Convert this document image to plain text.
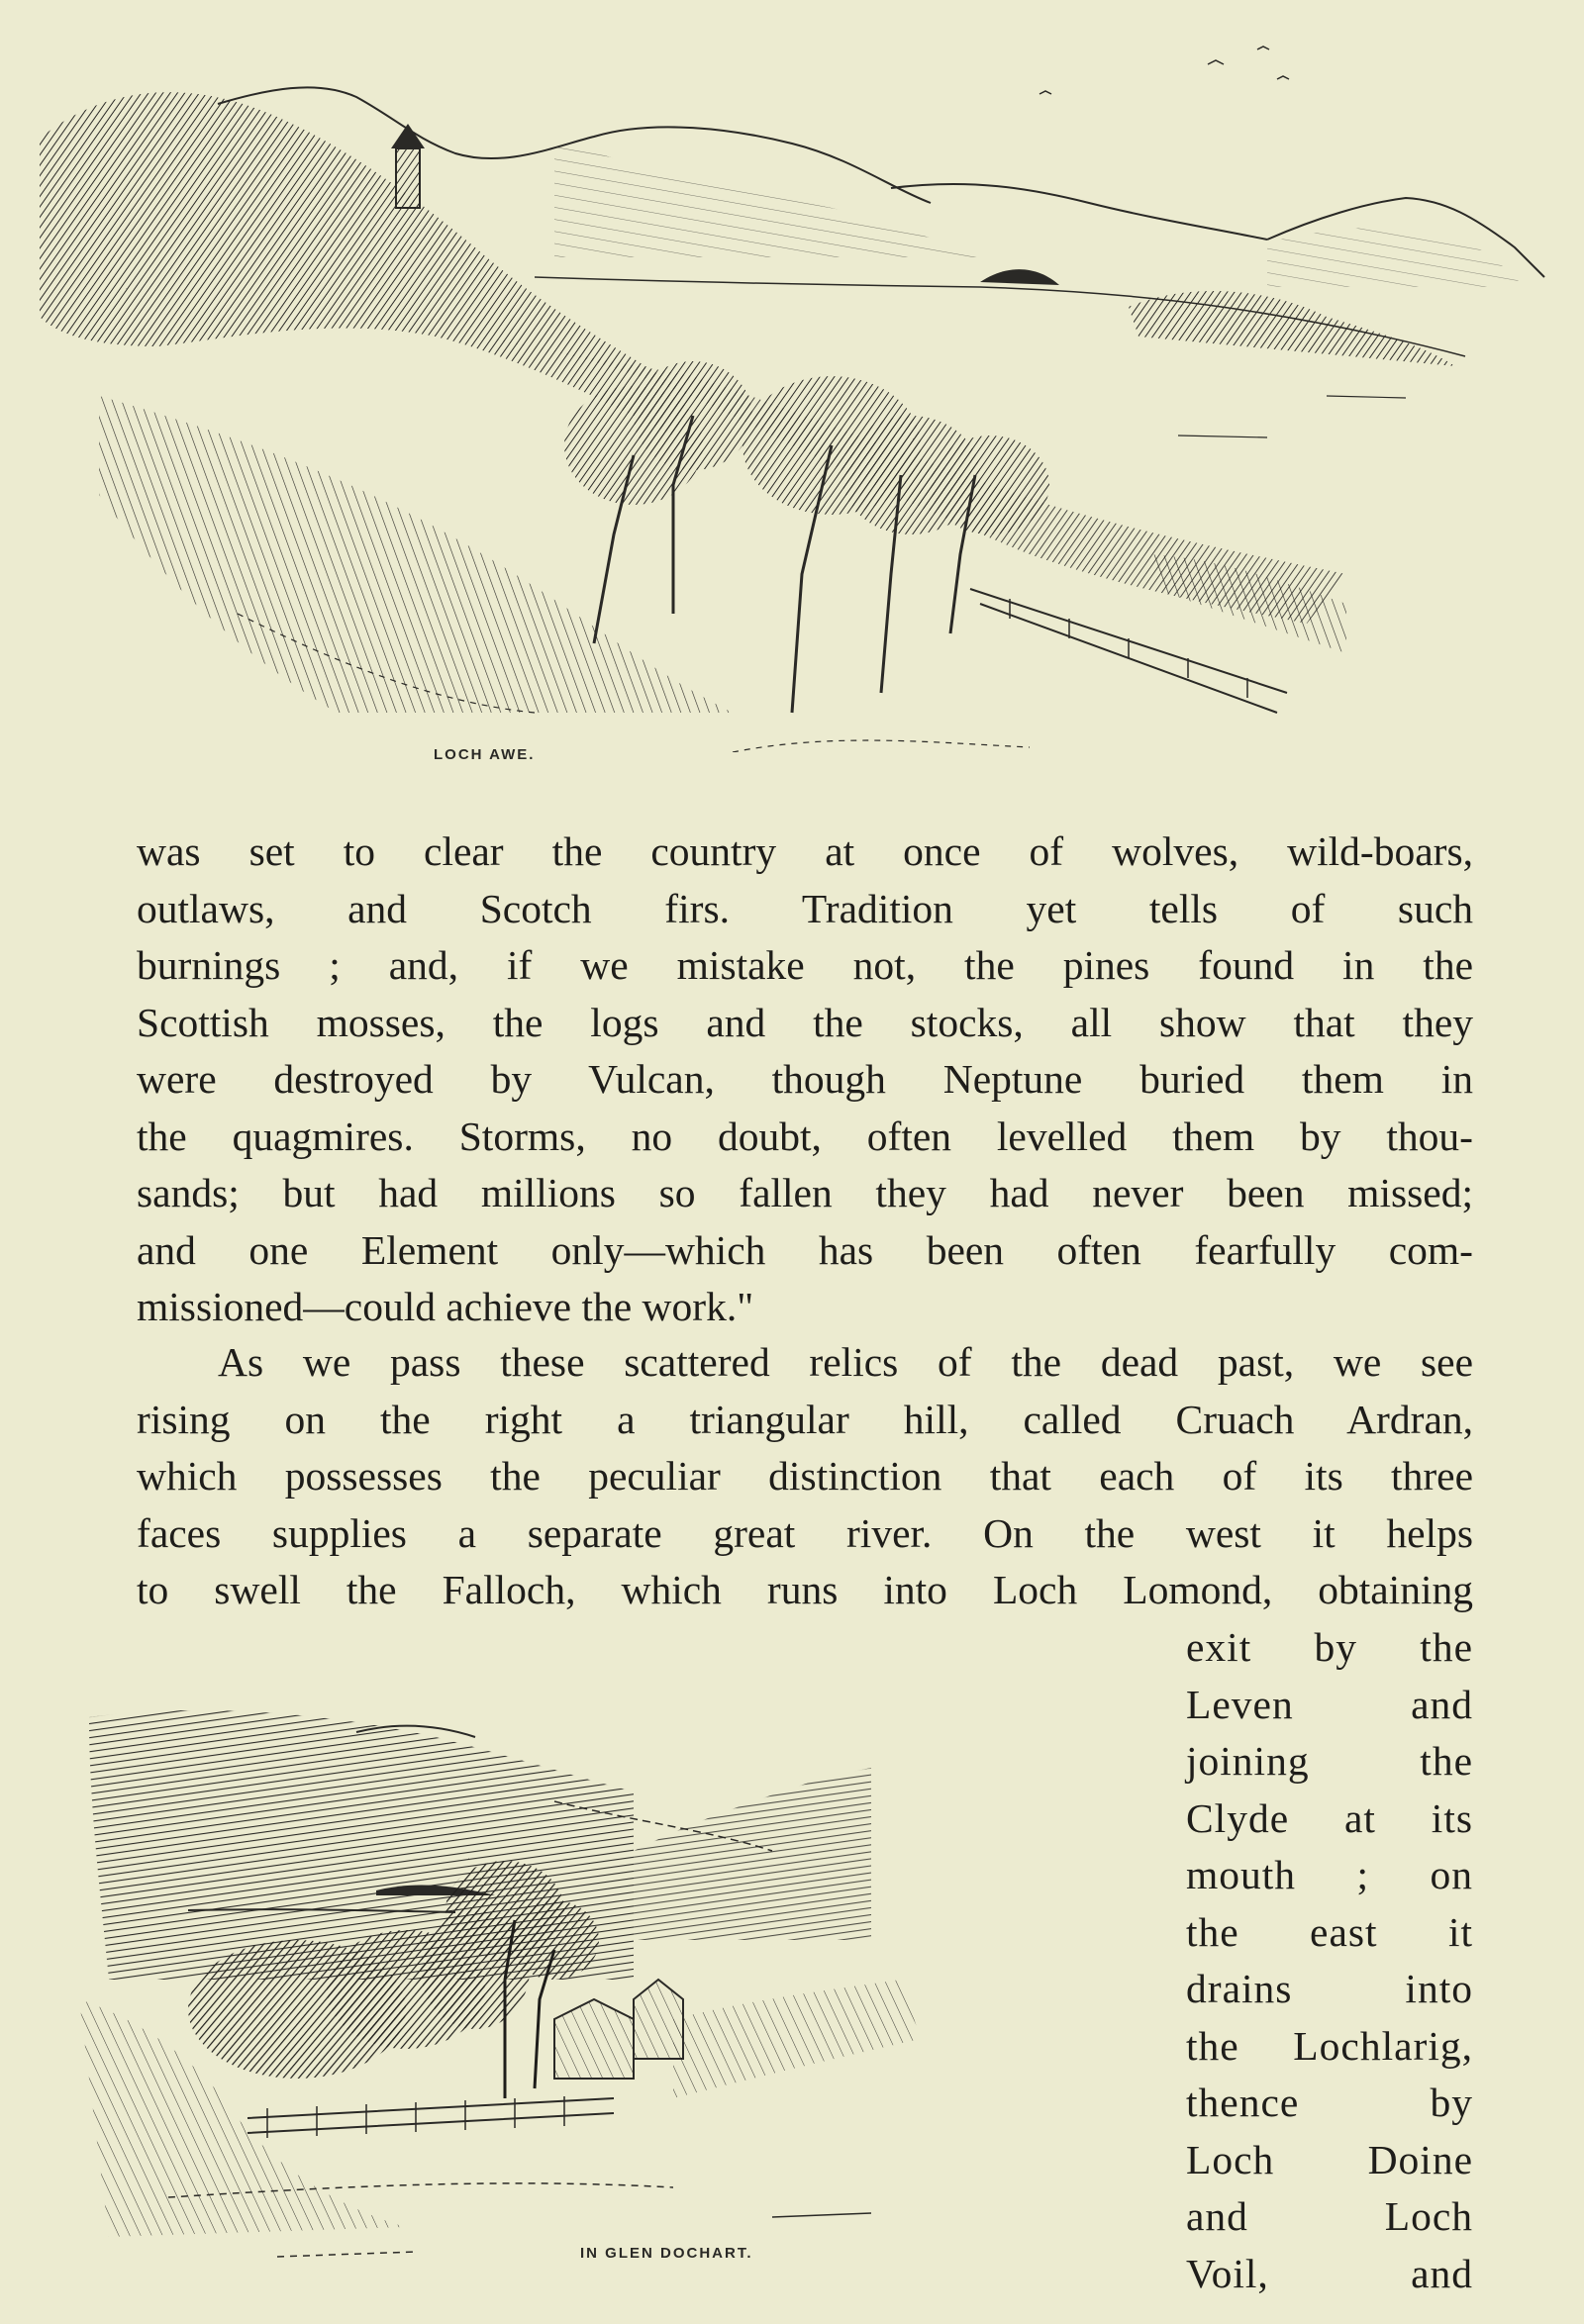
LOCH AWE.
was set to clear the country at once of wolves, wild-boars,
outlaws, and Scotch firs. Tradition yet tells of such
burnings ; and, if we mistake not, the pines found in the
Scottish mosses, the logs and the stocks, all show that they
were destroyed by Vulcan, though Neptune buried them in
the quagmires. Storms, no doubt, often levelled them by thou-
sands; but had millions so fallen they had never been missed;
and one Element only—which has been often fearfully com-
missioned—could achieve the work."
As we pass these scattered relics of the dead past, we see
rising on the right a triangular hill, called Cruach Ardran,
which possesses the peculiar distinction that each of its three
faces supplies a separate great river. On the west it helps
to swell the Falloch, which runs into Loch Lomond, obtaining
exit by the
Leven and
joining the
Clyde at its
mouth ; on
the east it
drains into
the Lochlarig,
thence by
Loch Doine
and Loch
Voil, and
IN GLEN DOCHART.
